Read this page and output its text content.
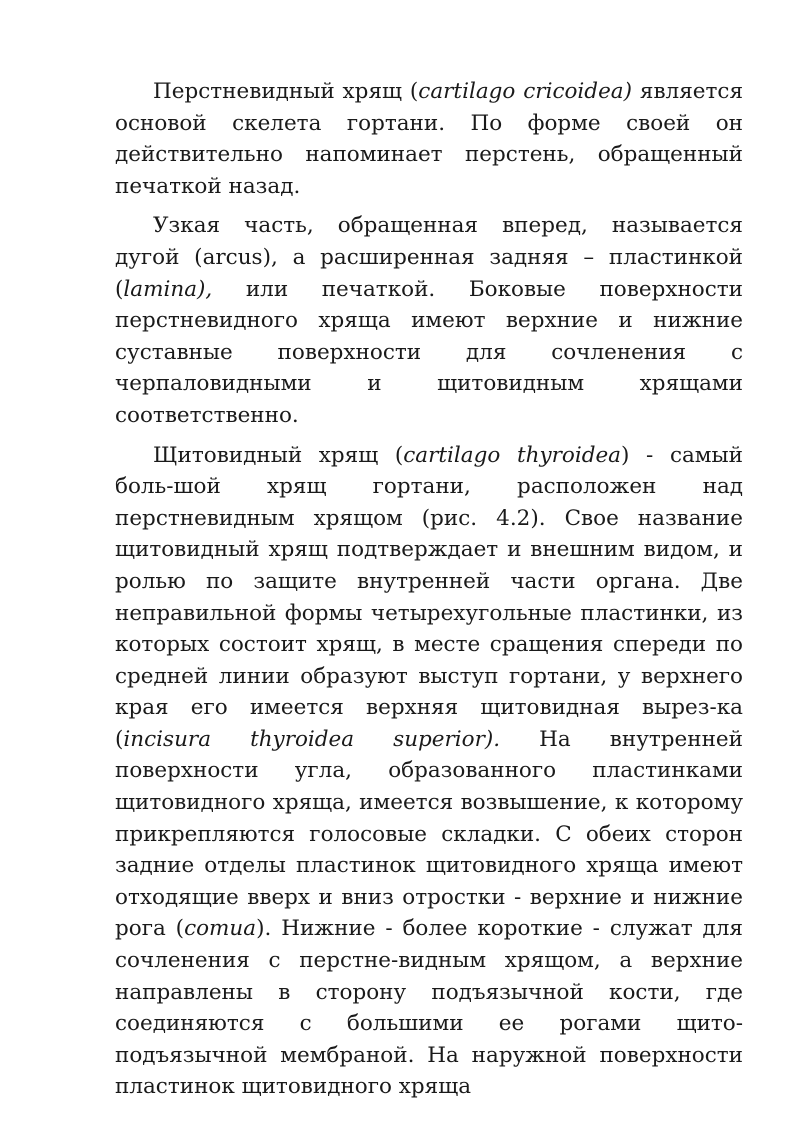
Перстневидный хрящ (cartilago cricoidea) является основой скелета гортани. По форме своей он действительно напоминает перстень, обращенный печаткой назад.

Узкая часть, обращенная вперед, называется дугой (arcus), а расширенная задняя – пластинкой (lamina), или печаткой. Боковые поверхности перстневидного хряща имеют верхние и нижние суставные поверхности для сочленения с черпаловидными и щитовидным хрящами соответственно.

Щитовидный хрящ (cartilago thyroidea) - самый боль-шой хрящ гортани, расположен над перстневидным хрящом (рис. 4.2). Свое название щитовидный хрящ подтверждает и внешним видом, и ролью по защите внутренней части органа. Две неправильной формы четырехугольные пластинки, из которых состоит хрящ, в месте сращения спереди по средней линии образуют выступ гортани, у верхнего края его имеется верхняя щитовидная вырез-ка (incisura thyroidea superior). На внутренней поверхности угла, образованного пластинками щитовидного хряща, имеется возвышение, к которому прикрепляются голосовые складки. С обеих сторон задние отделы пластинок щитовидного хряща имеют отходящие вверх и вниз отростки - верхние и нижние рога (comua). Нижние - более короткие - служат для сочленения с перстне-видным хрящом, а верхние направлены в сторону подъязычной кости, где соединяются с большими ее рогами щито-подъязычной мембраной. На наружной поверхности пластинок щитовидного хряща
